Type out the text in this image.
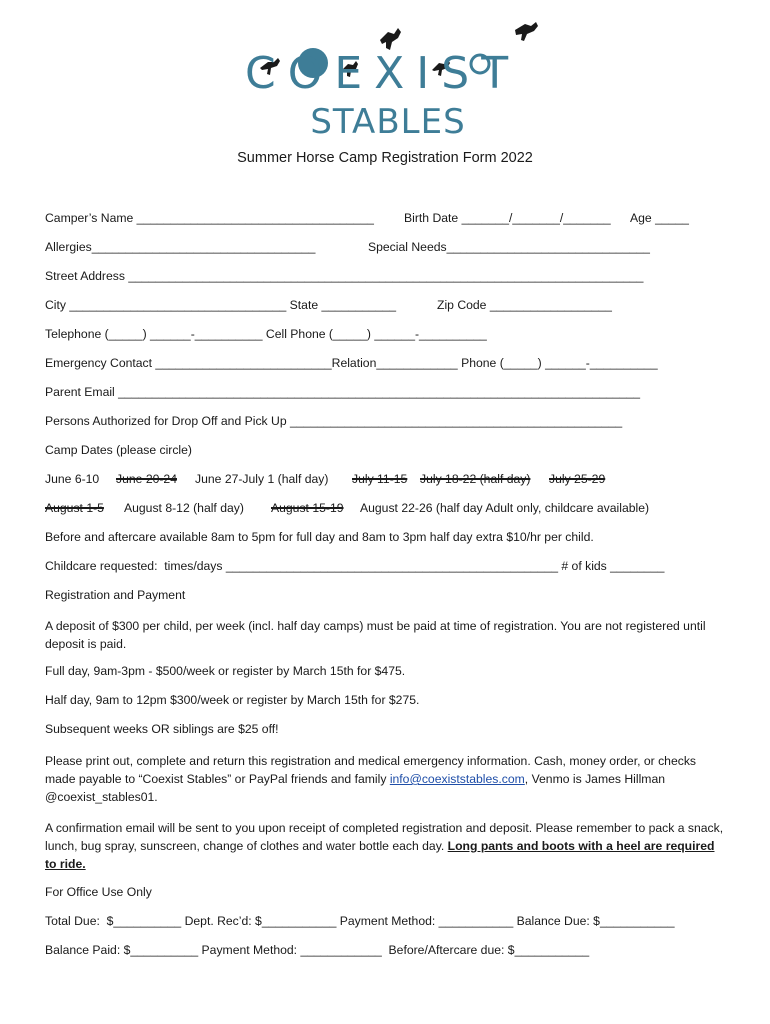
COEXIST
STABLES
Summer Horse Camp Registration Form 2022
Camper’s Name ___________________________________ Birth Date _______/_______/_______ Age _____
Allergies_________________________________	Special Needs______________________________
Street Address ____________________________________________________________________________
City ________________________________ State ___________	Zip Code __________________
Telephone (_____) ______-__________ Cell Phone (_____) ______-__________
Emergency Contact __________________________Relation____________ Phone (_____) ______-__________
Parent Email _____________________________________________________________________________
Persons Authorized for Drop Off and Pick Up _________________________________________________
Camp Dates (please circle)
June 6-10 June 20-24 June 27-July 1 (half day) July 11-15 July 18-22 (half day) July 25-29
August 1-5 August 8-12 (half day) August 15-19 August 22-26 (half day Adult only, childcare available)
Before and aftercare available 8am to 5pm for full day and 8am to 3pm half day extra $10/hr per child.
Childcare requested:  times/days _________________________________________________ # of kids ________
Registration and Payment
A deposit of $300 per child, per week (incl. half day camps) must be paid at time of registration. You are not registered until deposit is paid.
Full day, 9am-3pm - $500/week or register by March 15th for $475.
Half day, 9am to 12pm $300/week or register by March 15th for $275.
Subsequent weeks OR siblings are $25 off!
Please print out, complete and return this registration and medical emergency information. Cash, money order, or checks made payable to “Coexist Stables” or PayPal friends and family info@coexiststables.com, Venmo is James Hillman @coexist_stables01.
A confirmation email will be sent to you upon receipt of completed registration and deposit. Please remember to pack a snack, lunch, bug spray, sunscreen, change of clothes and water bottle each day. Long pants and boots with a heel are required to ride.
For Office Use Only
Total Due:  $__________ Dept. Rec’d: $___________ Payment Method: ___________ Balance Due: $___________
Balance Paid: $__________ Payment Method: ____________  Before/Aftercare due: $___________
